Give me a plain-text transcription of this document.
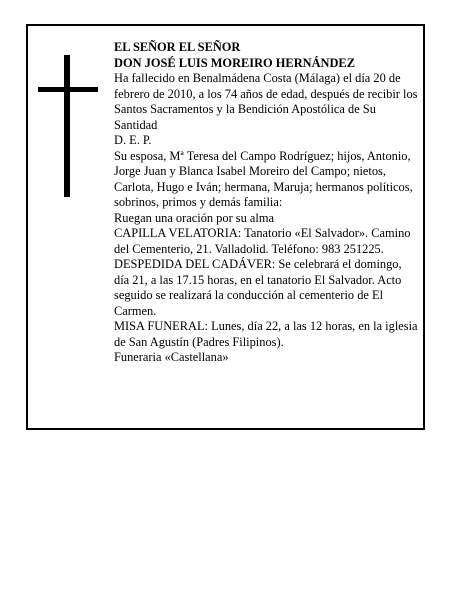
EL SEÑOR EL SEÑOR

DON JOSÉ LUIS MOREIRO HERNÁNDEZ

Ha fallecido en Benalmádena Costa (Málaga) el día 20 de febrero de 2010, a los 74 años de edad, después de recibir los Santos Sacramentos y la Bendición Apostólica de Su Santidad

D. E. P.

Su esposa, Mª Teresa del Campo Rodríguez; hijos, Antonio, Jorge Juan y Blanca Isabel Moreiro del Campo; nietos, Carlota, Hugo e Iván; hermana, Maruja; hermanos políticos, sobrinos, primos y demás familia:

Ruegan una oración por su alma

CAPILLA VELATORIA: Tanatorio «El Salvador». Camino del Cementerio, 21. Valladolid. Teléfono: 983 251225.

DESPEDIDA DEL CADÁVER: Se celebrará el domingo, día 21, a las 17.15 horas, en el tanatorio El Salvador. Acto seguido se realizará la conducción al cementerio de El Carmen.

MISA FUNERAL: Lunes, día 22, a las 12 horas, en la iglesia de San Agustín (Padres Filipinos).

Funeraria «Castellana»
